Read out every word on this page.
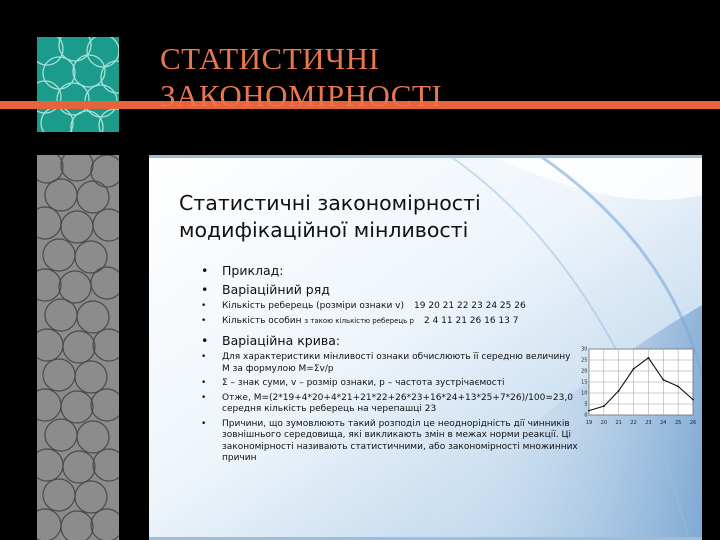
СТАТИСТИЧНІ
ЗАКОНОМІРНОСТІ
Статистичні закономірності
модифікаційної мінливості
• Приклад:
• Варіаційний ряд
• Кількість реберець (розміри ознаки v) 19 20 21 22 23 24 25 26
• Кількість особин з такою кількістю реберець р 2 4 11 21 26 16 13 7
• Варіаційна крива:
• Для характеристики мінливості ознаки обчислюють її середню величину М за формулою М=Σv/p
• Σ – знак суми, v – розмір ознаки, р – частота зустрічаємості
• Отже, М=(2*19+4*20+4*21+21*22+26*23+16*24+13*25+7*26)/100=23,0 середня кількість реберець на черепашці 23
• Причини, що зумовлюють такий розподіл це неоднорідність дії чинників зовнішнього середовища, які викликають змін в межах норми реакції. Ці закономірності називають статистичними, або закономірності множинних причин
19 20 21 22 23 24 25 26
0
5
10
15
20
25
30
